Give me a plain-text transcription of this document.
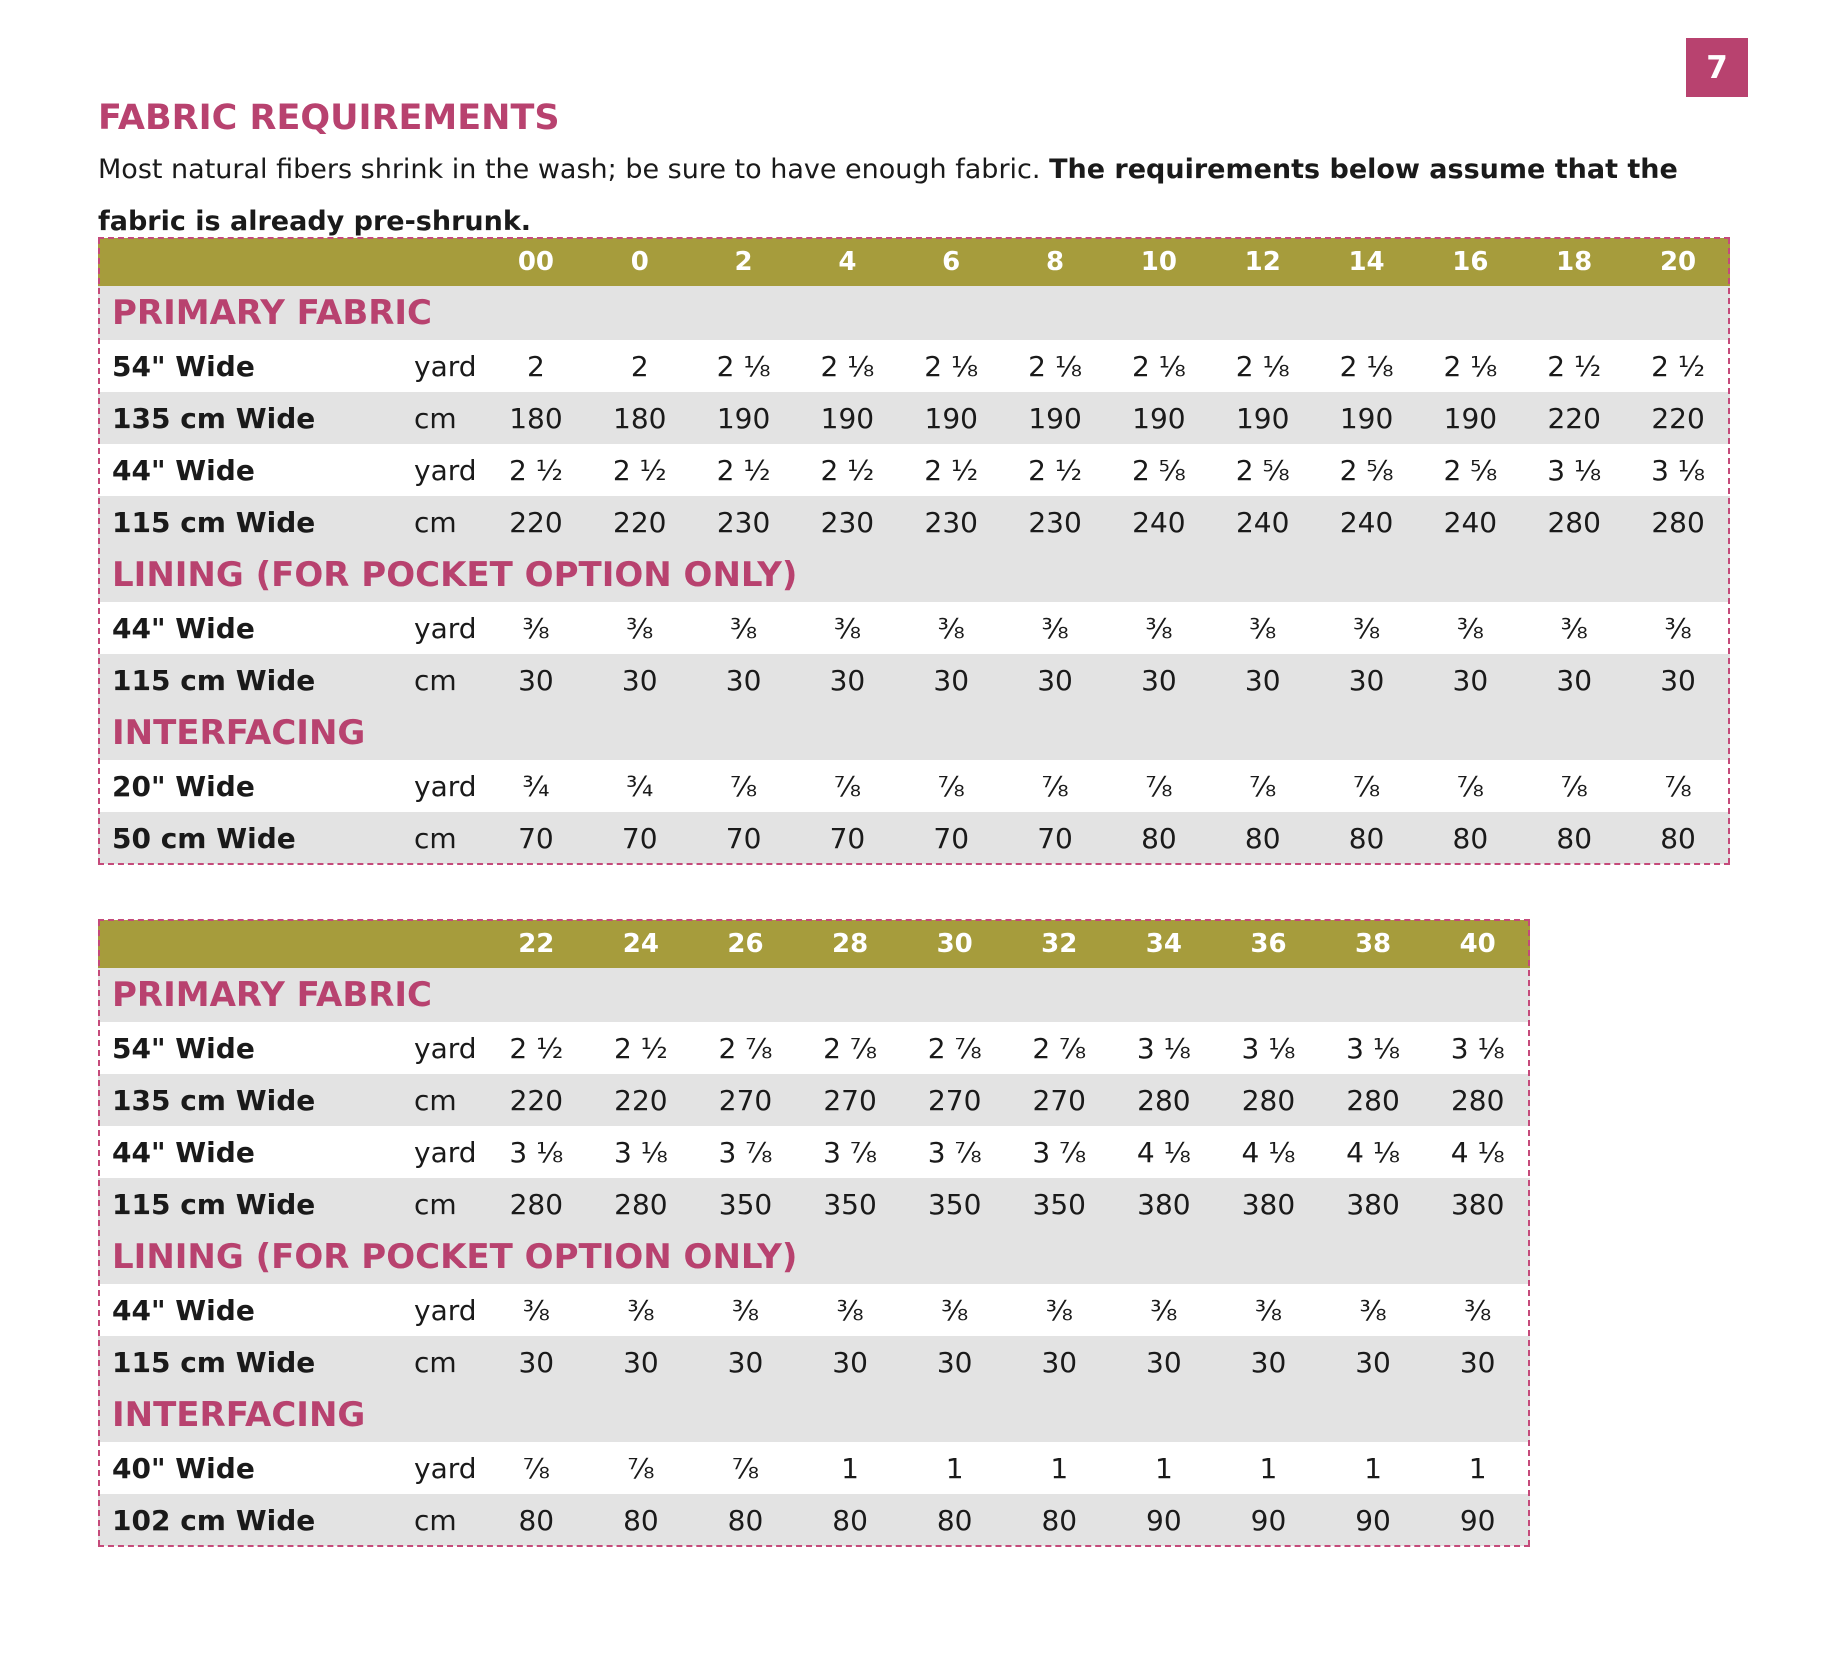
7
FABRIC REQUIREMENTS

Most natural fibers shrink in the wash; be sure to have enough fabric. The requirements below assume that the fabric is already pre-shrunk.

		00	0	2	4	6	8	10	12	14	16	18	20
PRIMARY FABRIC													
54" Wide	yard	2	2	2 ⅛	2 ⅛	2 ⅛	2 ⅛	2 ⅛	2 ⅛	2 ⅛	2 ⅛	2 ½	2 ½
135 cm Wide	cm	180	180	190	190	190	190	190	190	190	190	220	220
44" Wide	yard	2 ½	2 ½	2 ½	2 ½	2 ½	2 ½	2 ⅝	2 ⅝	2 ⅝	2 ⅝	3 ⅛	3 ⅛
115 cm Wide	cm	220	220	230	230	230	230	240	240	240	240	280	280
LINING (FOR POCKET OPTION ONLY)													
44" Wide	yard	⅜	⅜	⅜	⅜	⅜	⅜	⅜	⅜	⅜	⅜	⅜	⅜
115 cm Wide	cm	30	30	30	30	30	30	30	30	30	30	30	30
INTERFACING													
20" Wide	yard	¾	¾	⅞	⅞	⅞	⅞	⅞	⅞	⅞	⅞	⅞	⅞
50 cm Wide	cm	70	70	70	70	70	70	80	80	80	80	80	80
		22	24	26	28	30	32	34	36	38	40
PRIMARY FABRIC											
54" Wide	yard	2 ½	2 ½	2 ⅞	2 ⅞	2 ⅞	2 ⅞	3 ⅛	3 ⅛	3 ⅛	3 ⅛
135 cm Wide	cm	220	220	270	270	270	270	280	280	280	280
44" Wide	yard	3 ⅛	3 ⅛	3 ⅞	3 ⅞	3 ⅞	3 ⅞	4 ⅛	4 ⅛	4 ⅛	4 ⅛
115 cm Wide	cm	280	280	350	350	350	350	380	380	380	380
LINING (FOR POCKET OPTION ONLY)											
44" Wide	yard	⅜	⅜	⅜	⅜	⅜	⅜	⅜	⅜	⅜	⅜
115 cm Wide	cm	30	30	30	30	30	30	30	30	30	30
INTERFACING											
40" Wide	yard	⅞	⅞	⅞	1	1	1	1	1	1	1
102 cm Wide	cm	80	80	80	80	80	80	90	90	90	90
